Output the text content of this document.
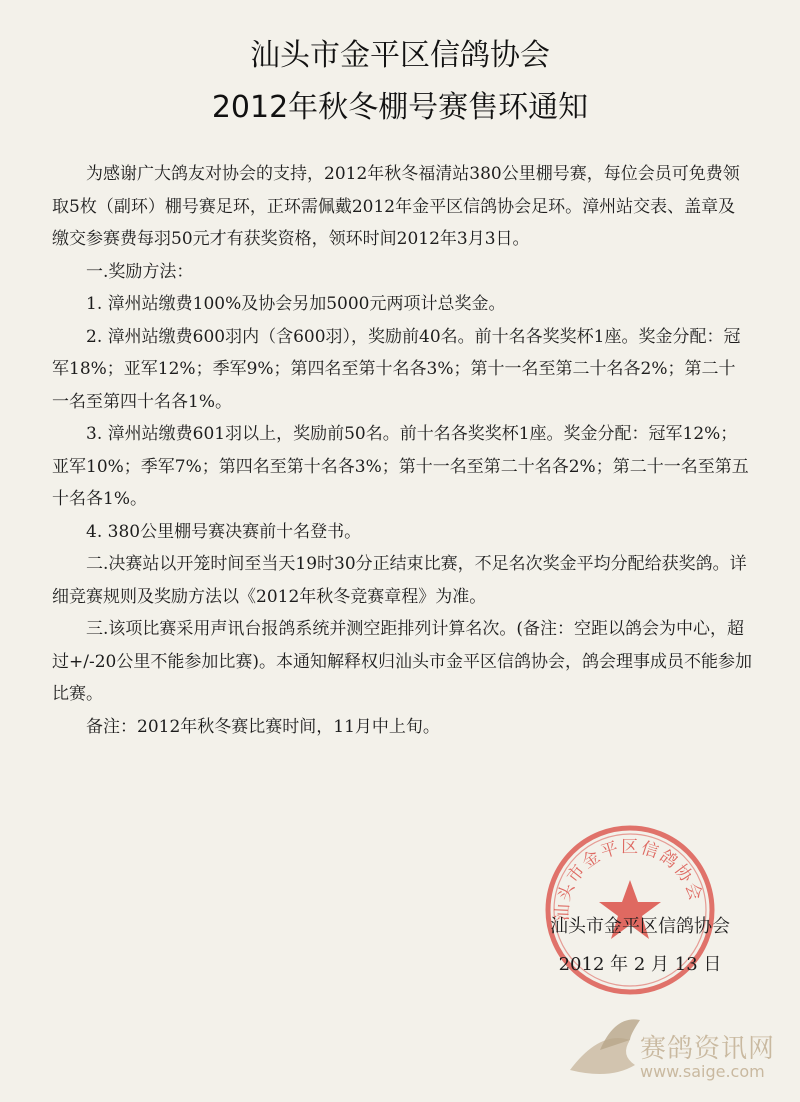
汕头市金平区信鸽协会
2012年秋冬棚号赛售环通知

为感谢广大鸽友对协会的支持，2012年秋冬福清站380公里棚号赛，每位会员可免费领取5枚（副环）棚号赛足环，正环需佩戴2012年金平区信鸽协会足环。漳州站交表、盖章及缴交参赛费每羽50元才有获奖资格，领环时间2012年3月3日。

一.奖励方法：

1. 漳州站缴费100%及协会另加5000元两项计总奖金。

2. 漳州站缴费600羽内（含600羽），奖励前40名。前十名各奖奖杯1座。奖金分配：冠军18%；亚军12%；季军9%；第四名至第十名各3%；第十一名至第二十名各2%；第二十一名至第四十名各1%。

3. 漳州站缴费601羽以上，奖励前50名。前十名各奖奖杯1座。奖金分配：冠军12%；亚军10%；季军7%；第四名至第十名各3%；第十一名至第二十名各2%；第二十一名至第五十名各1%。

4. 380公里棚号赛决赛前十名登书。

二.决赛站以开笼时间至当天19时30分正结束比赛，不足名次奖金平均分配给获奖鸽。详细竞赛规则及奖励方法以《2012年秋冬竞赛章程》为准。

三.该项比赛采用声讯台报鸽系统并测空距排列计算名次。(备注：空距以鸽会为中心，超过+/-20公里不能参加比赛)。本通知解释权归汕头市金平区信鸽协会，鸽会理事成员不能参加比赛。

备注：2012年秋冬赛比赛时间，11月中上旬。

汕头市金平区信鸽协会
汕头市金平区信鸽协会
2012 年 2 月 13 日
赛鸽资讯网
www.saige.com
